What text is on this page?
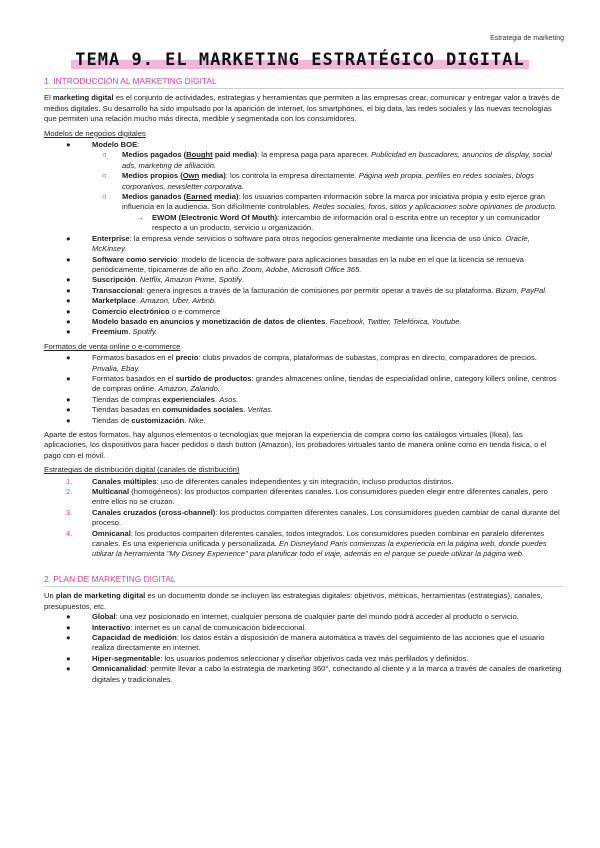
Estrategia de marketing
TEMA 9. EL MARKETING ESTRATÉGICO DIGITAL
1. INTRODUCCIÓN AL MARKETING DIGITAL

El marketing digital es el conjunto de actividades, estrategias y herramientas que permiten a las empresas crear, comunicar y entregar valor a través de medios digitales. Su desarrollo ha sido impulsado por la aparición de internet, los smartphones, el big data, las redes sociales y las nuevas tecnologías que permiten una relación mucho más directa, medible y segmentada con los consumidores.

Modelos de negocios digitales
●	Modelo BOE:
○ Medios pagados (Bought paid media): la empresa paga para aparecer. Publicidad en buscadores, anuncios de display, social ads, marketing de afiliación.
○ Medios propios (Own media): los controla la empresa directamente. Página web propia, perfiles en redes sociales, blogs corporativos, newsletter corporativa.
○ Medios ganados (Earned media): los usuarios comparten información sobre la marca por iniciativa propia y esto ejerce gran influencia en la audiencia. Son difícilmente controlables. Redes sociales, foros, sitios y aplicaciones sobre opiniones de producto.
→ EWOM (Electronic Word Of Mouth): intercambio de información oral o escrita entre un receptor y un comunicador respecto a un producto, servicio u organización.
●	Enterprise: la empresa vende servicios o software para otros negocios generalmente mediante una licencia de uso único. Oracle, McKinsey.
●	Software como servicio: modelo de licencia de software para aplicaciones basadas en la nube en el que la licencia se renueva periódicamente, típicamente de año en año. Zoom, Adobe, Microsoft Office 365.
●	Suscripción. Netflix, Amazon Prime, Spotify.
●	Transaccional: genera ingresos a través de la facturación de comisiones por permitir operar a través de su plataforma. Bizum, PayPal.
●	Marketplace. Amazon, Uber, Airbnb.
●	Comercio electrónico o e-commerce
●	Modelo basado en anuncios y monetización de datos de clientes. Facebook, Twitter, Telefónica, Youtube.
●	Freemium. Spotify.
Formatos de venta online o e-commerce
●	Formatos basados en el precio: clubs privados de compra, plataformas de subastas, compras en directo, comparadores de precios. Privalia, Ebay.
●	Formatos basados en el surtido de productos: grandes almacenes online, tiendas de especialidad online, category killers online, centros de compras online. Amazon, Zalando.
●	Tiendas de compras experienciales. Asos.
●	Tiendas basadas en comunidades sociales. Veritas.
●	Tiendas de customización. Nike.

Aparte de estos formatos, hay algunos elementos o tecnologías que mejoran la experiencia de compra como los catálogos virtuales (Ikea), las aplicaciones, los dispositivos para hacer pedidos o dash button (Amazon), los probadores virtuales tanto de manera online como en tienda física, o el pago con el móvil.

Estrategias de distribución digital (canales de distribución)
1.	Canales múltiples: uso de diferentes canales independientes y sin integración, incluso productos distintos.
2.	Multicanal (homogéneos): los productos comparten diferentes canales. Los consumidores pueden elegir entre diferentes canales, pero entre ellos no se cruzan.
3.	Canales cruzados (cross-channel): los productos comparten diferentes canales. Los consumidores pueden cambiar de canal durante del proceso.
4.	Omnicanal: los productos comparten diferentes canales, todos integrados. Los consumidores pueden combinar en paralelo diferentes canales. Es una experiencia unificada y personalizada. En Disneyland Paris comienzas la experiencia en la página web, donde puedes utilizar la herramienta "My Disney Experience" para planificar todo el viaje, además en el parque se puede utilizar la página web.
2. PLAN DE MARKETING DIGITAL

Un plan de marketing digital es un documento donde se incluyen las estrategias digitales: objetivos, métricas, herramientas (estrategias), canales, presupuestos, etc.

●	Global: una vez posicionado en internet, cualquier persona de cualquier parte del mundo podrá acceder al producto o servicio.
●	Interactivo: internet es un canal de comunicación bidireccional.
●	Capacidad de medición: los datos están a disposición de manera automática a través del seguimiento de las acciones que el usuario realiza directamente en internet.
●	Híper-segmentable: los usuarios podemos seleccionar y diseñar objetivos cada vez más perfilados y definidos.
●	Omnicanalidad: permite llevar a cabo la estrategia de marketing 360°, conectando al cliente y a la marca a través de canales de marketing digitales y tradicionales.
